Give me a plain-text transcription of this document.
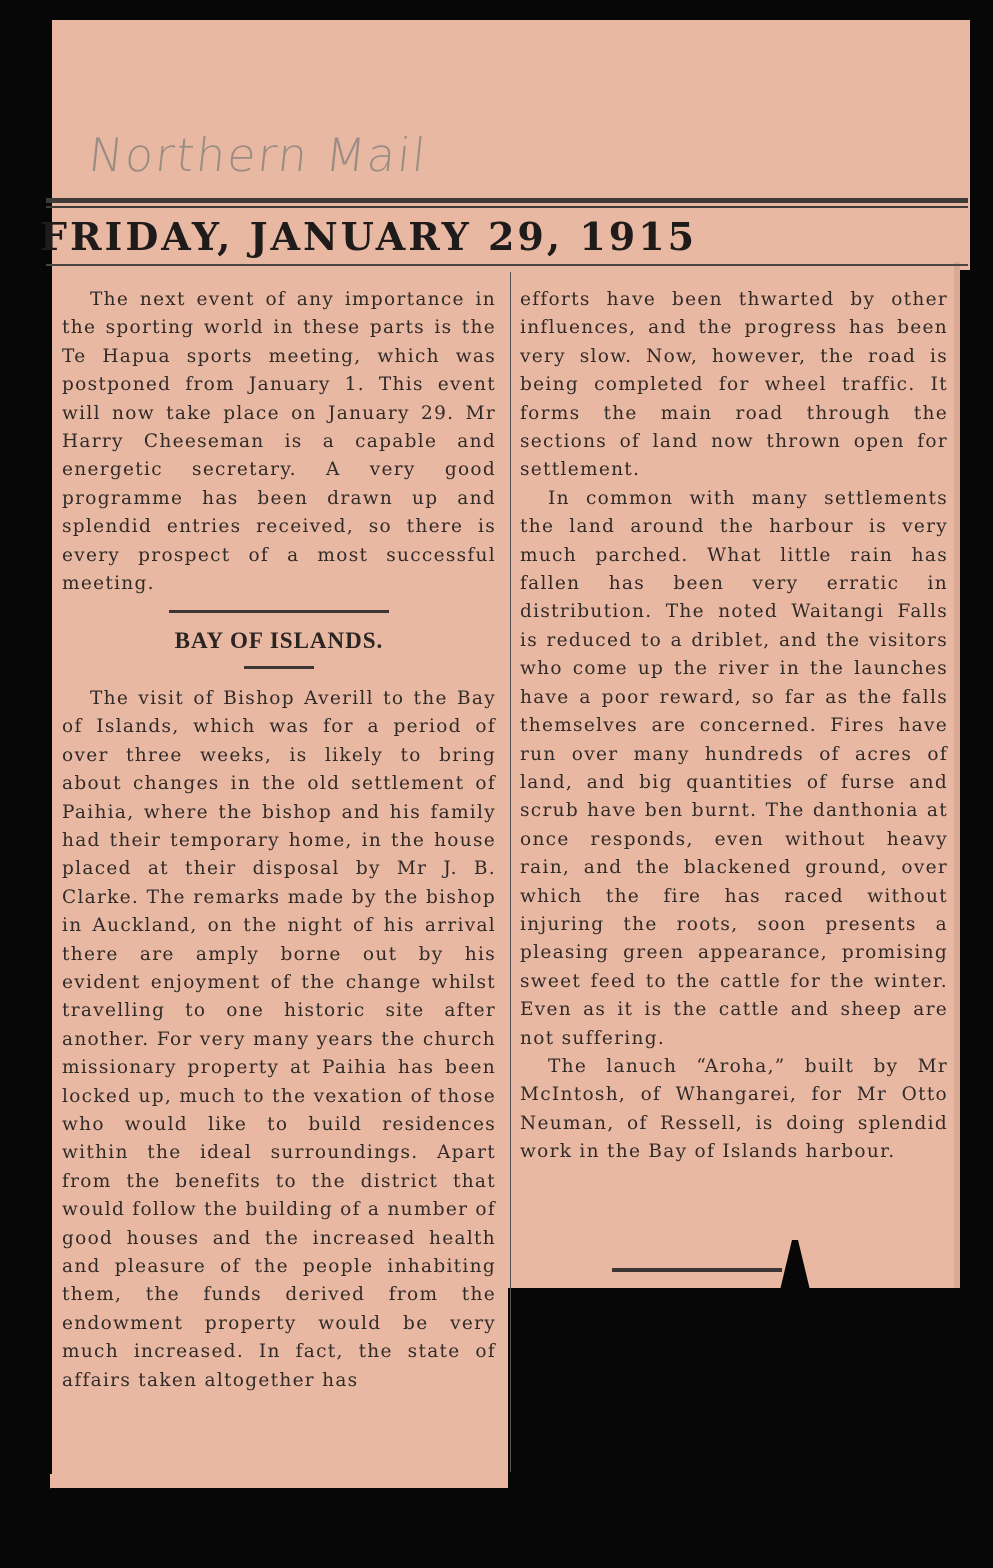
Northern Mail
FRIDAY, JANUARY 29, 1915

The next event of any importance in the sporting world in these parts is the Te Hapua sports meeting, which was postponed from January 1. This event will now take place on January 29. Mr Harry Cheeseman is a capable and energetic secretary. A very good programme has been drawn up and splendid entries received, so there is every prospect of a most successful meeting.

BAY OF ISLANDS.

The visit of Bishop Averill to the Bay of Islands, which was for a period of over three weeks, is likely to bring about changes in the old settlement of Paihia, where the bishop and his family had their temporary home, in the house placed at their disposal by Mr J. B. Clarke. The remarks made by the bishop in Auckland, on the night of his arrival there are amply borne out by his evident enjoyment of the change whilst travelling to one historic site after another. For very many years the church missionary property at Paihia has been locked up, much to the vexation of those who would like to build residences within the ideal surroundings. Apart from the benefits to the district that would follow the building of a number of good houses and the increased health and pleasure of the people inhabiting them, the funds derived from the endowment property would be very much increased. In fact, the state of affairs taken altogether has

efforts have been thwarted by other influences, and the progress has been very slow. Now, however, the road is being completed for wheel traffic. It forms the main road through the sections of land now thrown open for settlement.

In common with many settlements the land around the harbour is very much parched. What little rain has fallen has been very erratic in distribution. The noted Waitangi Falls is reduced to a driblet, and the visitors who come up the river in the launches have a poor reward, so far as the falls themselves are concerned. Fires have run over many hundreds of acres of land, and big quantities of furse and scrub have ben burnt. The danthonia at once responds, even without heavy rain, and the blackened ground, over which the fire has raced without injuring the roots, soon presents a pleasing green appearance, promising sweet feed to the cattle for the winter. Even as it is the cattle and sheep are not suffering.

The lanuch “Aroha,” built by Mr McIntosh, of Whangarei, for Mr Otto Neuman, of Ressell, is doing splendid work in the Bay of Islands harbour.
